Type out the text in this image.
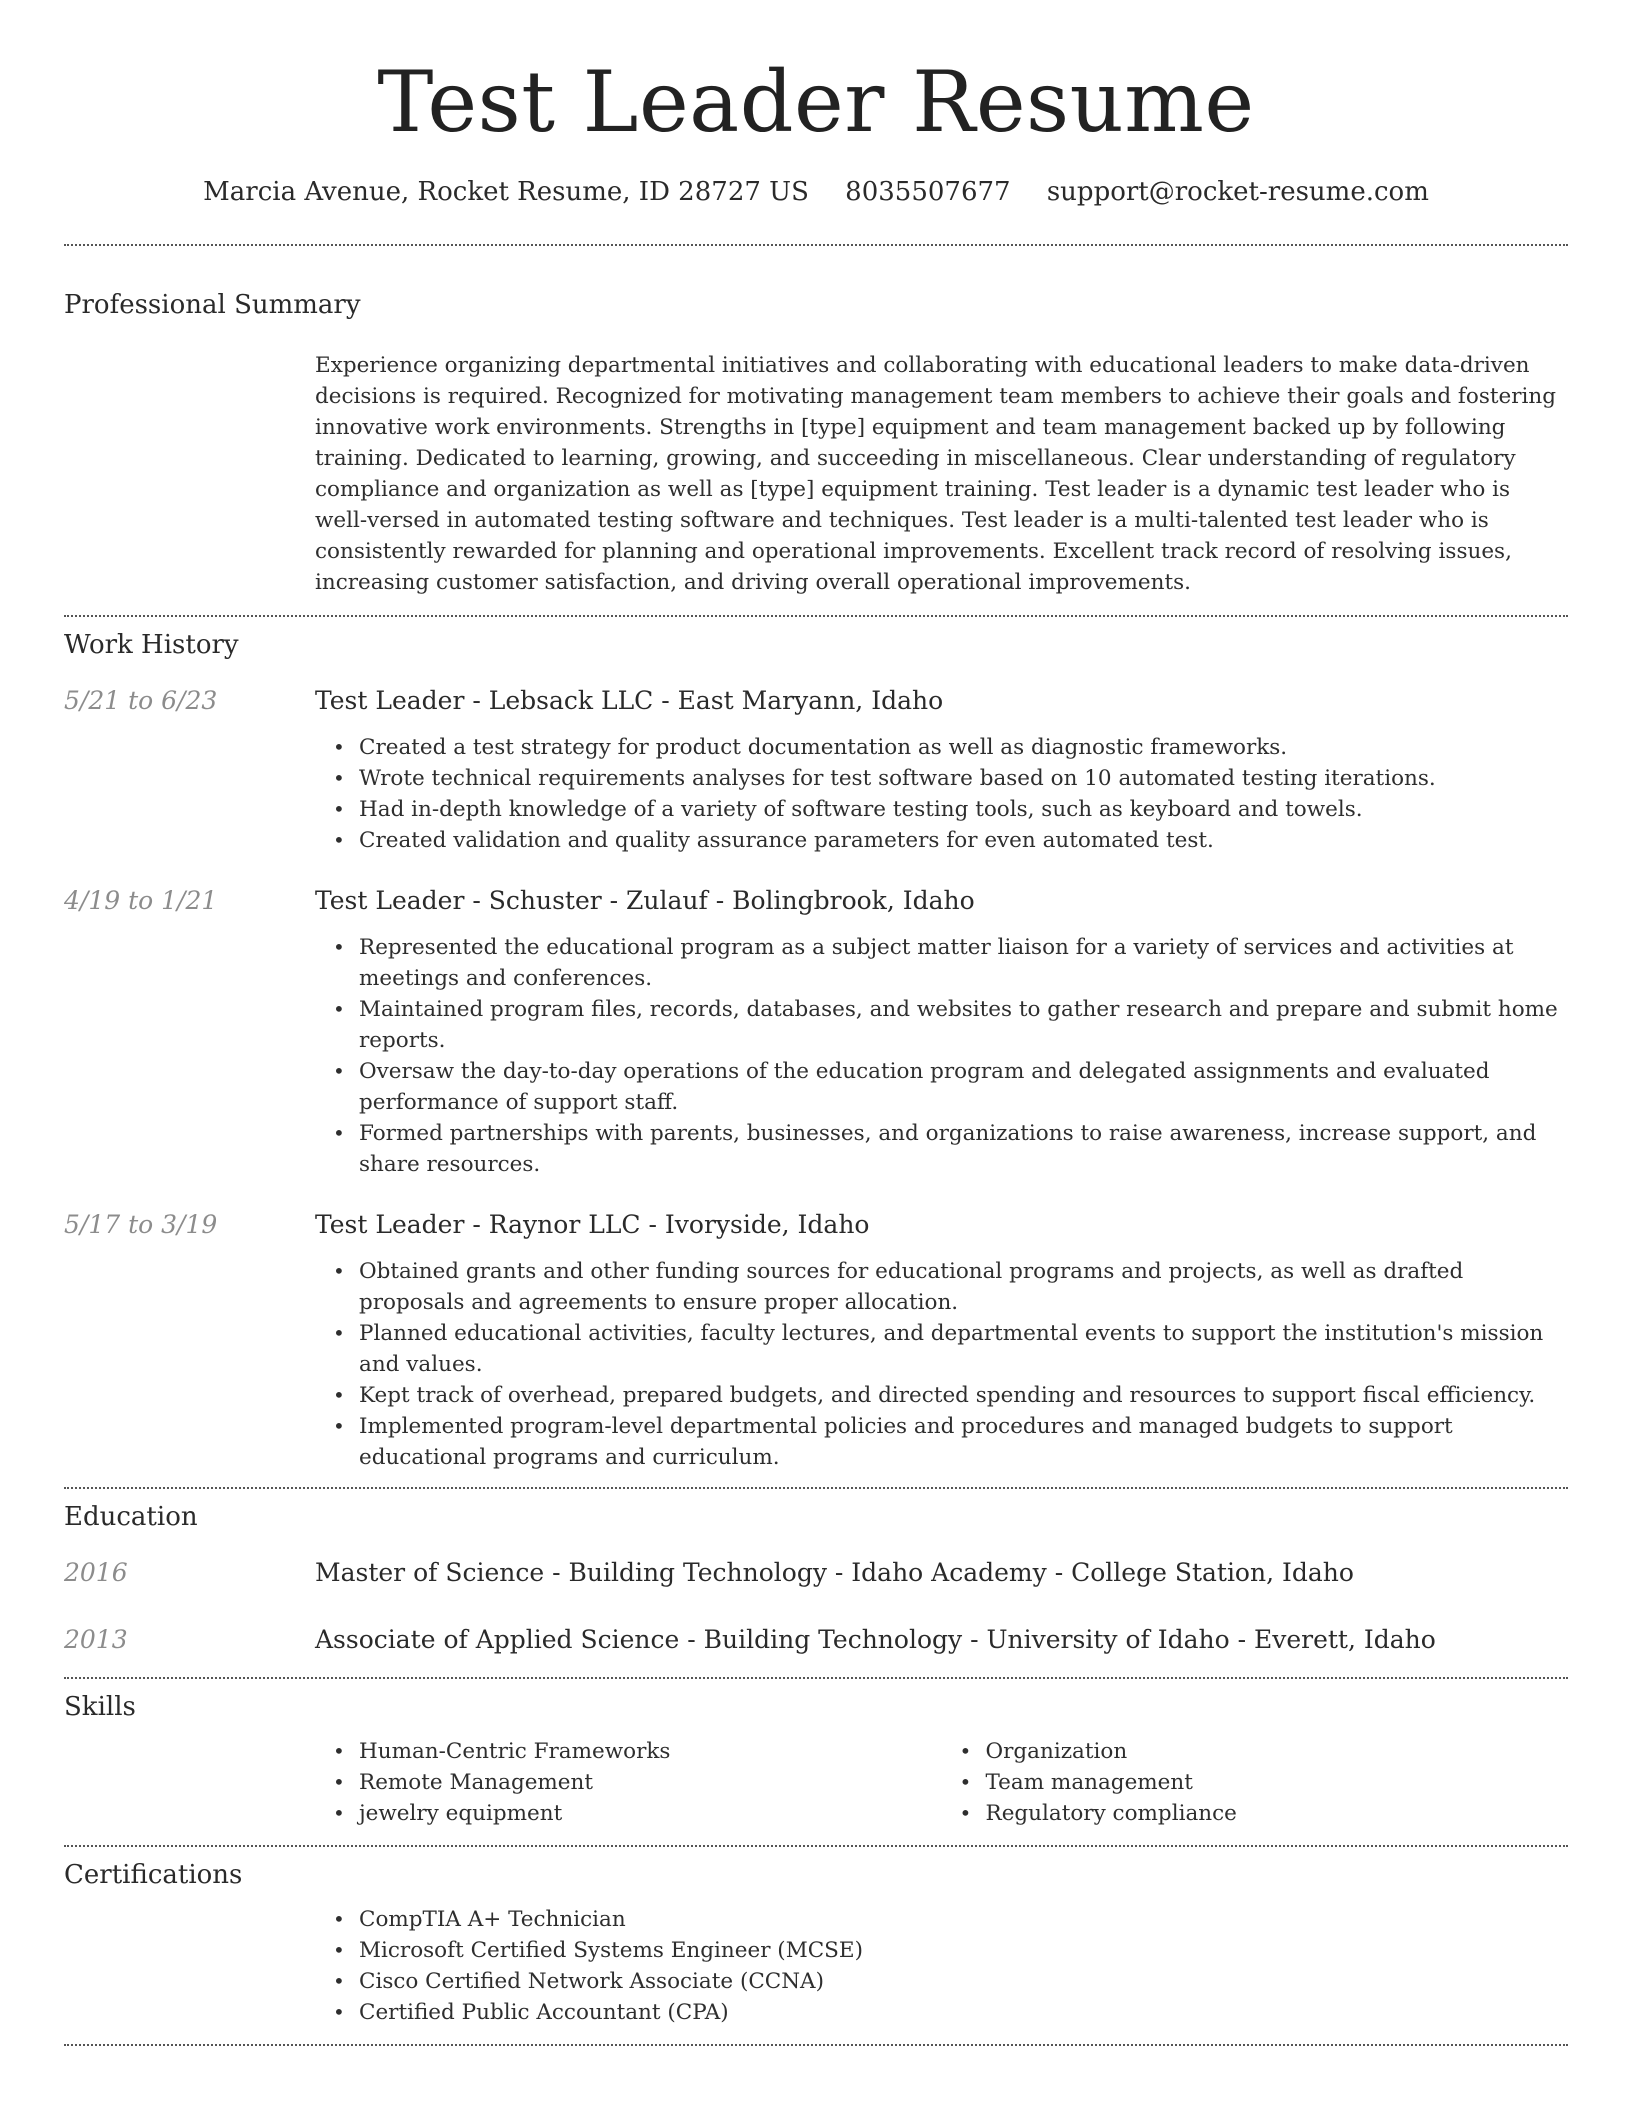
Test Leader Resume
Marcia Avenue, Rocket Resume, ID 28727 US 8035507677 support@rocket-resume.com
Professional Summary

Experience organizing departmental initiatives and collaborating with educational leaders to make data-driven decisions is required. Recognized for motivating management team members to achieve their goals and fostering innovative work environments. Strengths in [type] equipment and team management backed up by following training. Dedicated to learning, growing, and succeeding in miscellaneous. Clear understanding of regulatory compliance and organization as well as [type] equipment training. Test leader is a dynamic test leader who is well-versed in automated testing software and techniques. Test leader is a multi-talented test leader who is consistently rewarded for planning and operational improvements. Excellent track record of resolving issues, increasing customer satisfaction, and driving overall operational improvements.

Work History
5/21 to 6/23	Test Leader - Lebsack LLC - East Maryann, Idaho
• Created a test strategy for product documentation as well as diagnostic frameworks.
• Wrote technical requirements analyses for test software based on 10 automated testing iterations.
• Had in-depth knowledge of a variety of software testing tools, such as keyboard and towels.
• Created validation and quality assurance parameters for even automated test.
4/19 to 1/21	Test Leader - Schuster - Zulauf - Bolingbrook, Idaho
• Represented the educational program as a subject matter liaison for a variety of services and activities at meetings and conferences.
• Maintained program files, records, databases, and websites to gather research and prepare and submit home reports.
• Oversaw the day-to-day operations of the education program and delegated assignments and evaluated performance of support staff.
• Formed partnerships with parents, businesses, and organizations to raise awareness, increase support, and share resources.
5/17 to 3/19	Test Leader - Raynor LLC - Ivoryside, Idaho
• Obtained grants and other funding sources for educational programs and projects, as well as drafted proposals and agreements to ensure proper allocation.
• Planned educational activities, faculty lectures, and departmental events to support the institution's mission and values.
• Kept track of overhead, prepared budgets, and directed spending and resources to support fiscal efficiency.
• Implemented program-level departmental policies and procedures and managed budgets to support educational programs and curriculum.
Education
2016	Master of Science - Building Technology - Idaho Academy - College Station, Idaho
2013	Associate of Applied Science - Building Technology - University of Idaho - Everett, Idaho
Skills
• Human-Centric Frameworks
• Remote Management
• jewelry equipment
• Organization
• Team management
• Regulatory compliance
Certifications
• CompTIA A+ Technician
• Microsoft Certified Systems Engineer (MCSE)
• Cisco Certified Network Associate (CCNA)
• Certified Public Accountant (CPA)
